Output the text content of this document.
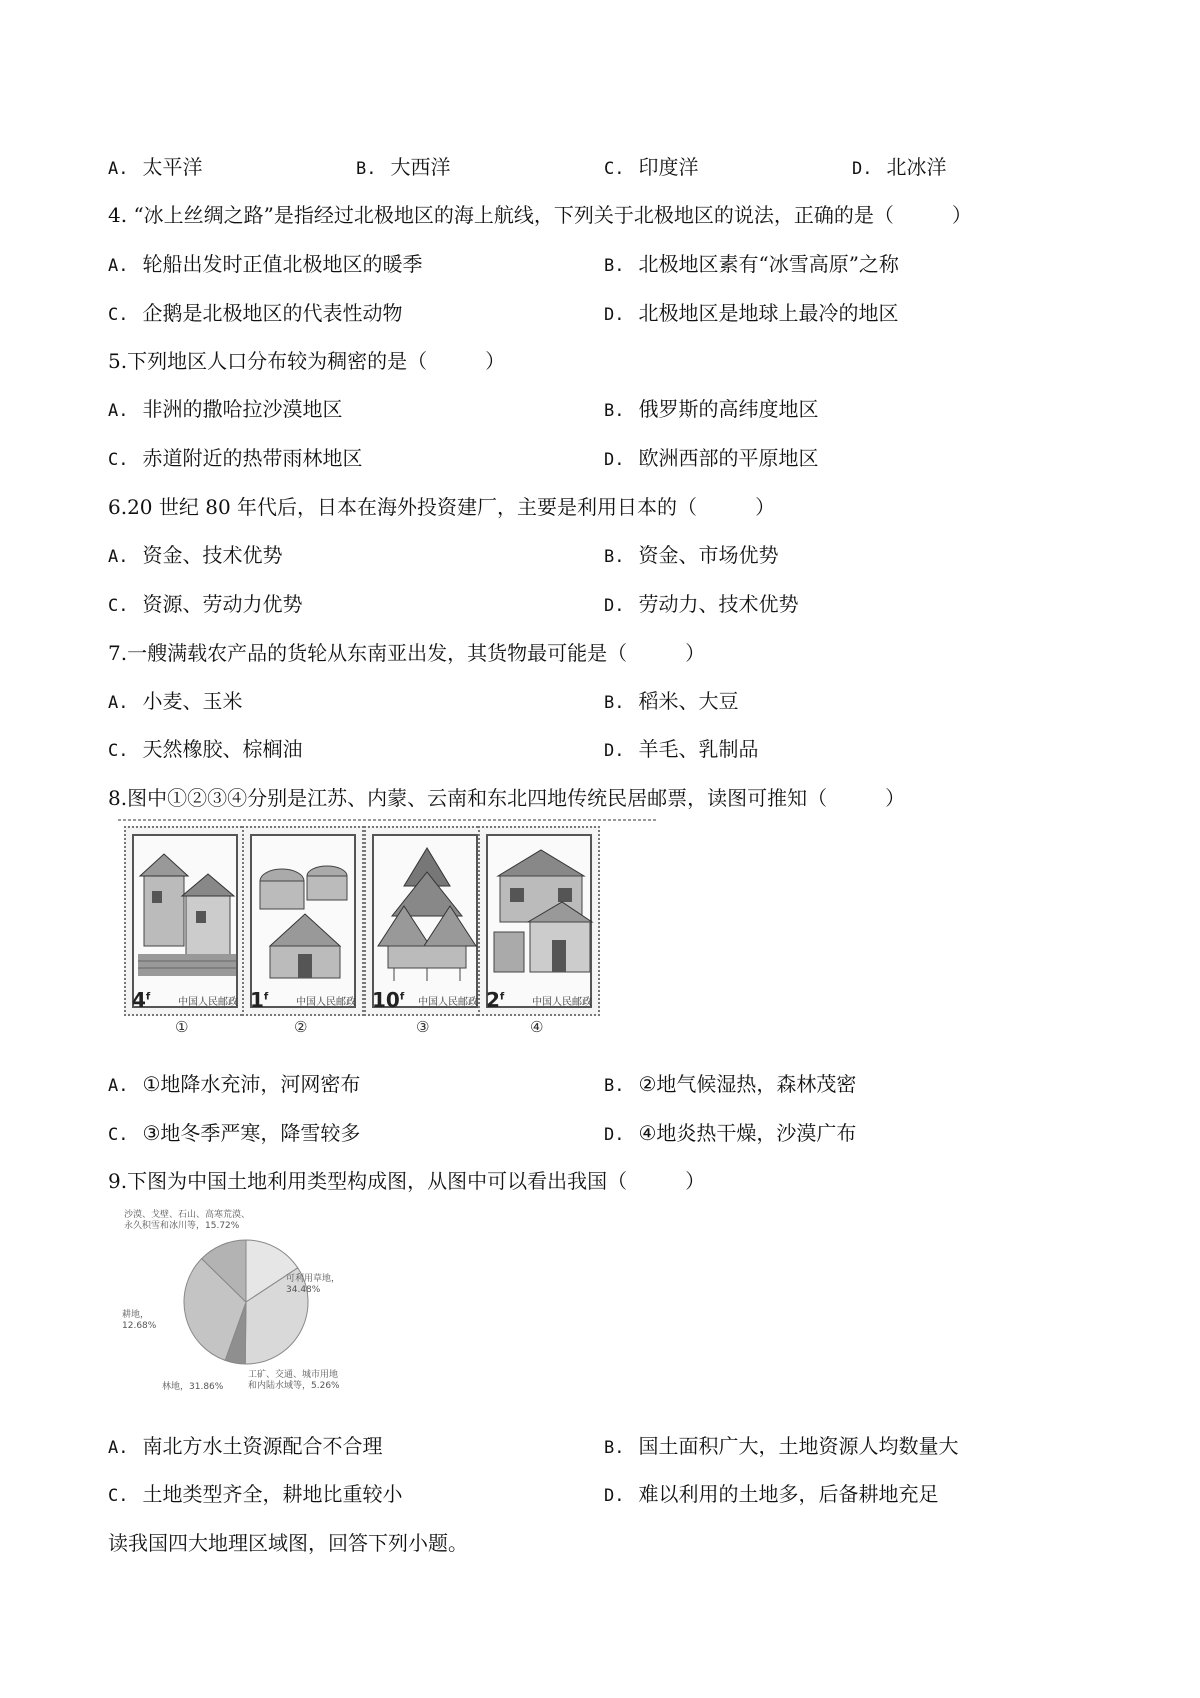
A. 太平洋	B. 大西洋	C. 印度洋	D. 北冰洋
4. “冰上丝绸之路”是指经过北极地区的海上航线，下列关于北极地区的说法，正确的是（	）
A. 轮船出发时正值北极地区的暖季	B. 北极地区素有“冰雪高原”之称
C. 企鹅是北极地区的代表性动物	D. 北极地区是地球上最冷的地区
5.下列地区人口分布较为稠密的是（	）
A. 非洲的撒哈拉沙漠地区	B. 俄罗斯的高纬度地区
C. 赤道附近的热带雨林地区	D. 欧洲西部的平原地区
6.20 世纪 80 年代后，日本在海外投资建厂，主要是利用日本的（	）
A. 资金、技术优势	B. 资金、市场优势
C. 资源、劳动力优势	D. 劳动力、技术优势
7.一艘满载农产品的货轮从东南亚出发，其货物最可能是（	）
A. 小麦、玉米	B. 稻米、大豆
C. 天然橡胶、棕榈油	D. 羊毛、乳制品
8.图中①②③④分别是江苏、内蒙、云南和东北四地传统民居邮票，读图可推知（	）
4$^f$
中国人民邮政
①
1$^f$
中国人民邮政
②
10$^f$
中国人民邮政
③
2$^f$
中国人民邮政
④
A. ①地降水充沛，河网密布	B. ②地气候湿热，森林茂密
C. ③地冬季严寒，降雪较多	D. ④地炎热干燥，沙漠广布
9.下图为中国土地利用类型构成图，从图中可以看出我国（	）
沙漠、戈壁、石山、高寒荒漠、
永久积雪和冰川等，15.72%
可利用草地，
34.48%
耕地，
12.68%
工矿、交通、城市用地
和内陆水域等，5.26%
林地，31.86%
A. 南北方水土资源配合不合理	B. 国土面积广大，土地资源人均数量大
C. 土地类型齐全，耕地比重较小	D. 难以利用的土地多，后备耕地充足
读我国四大地理区域图，回答下列小题。
